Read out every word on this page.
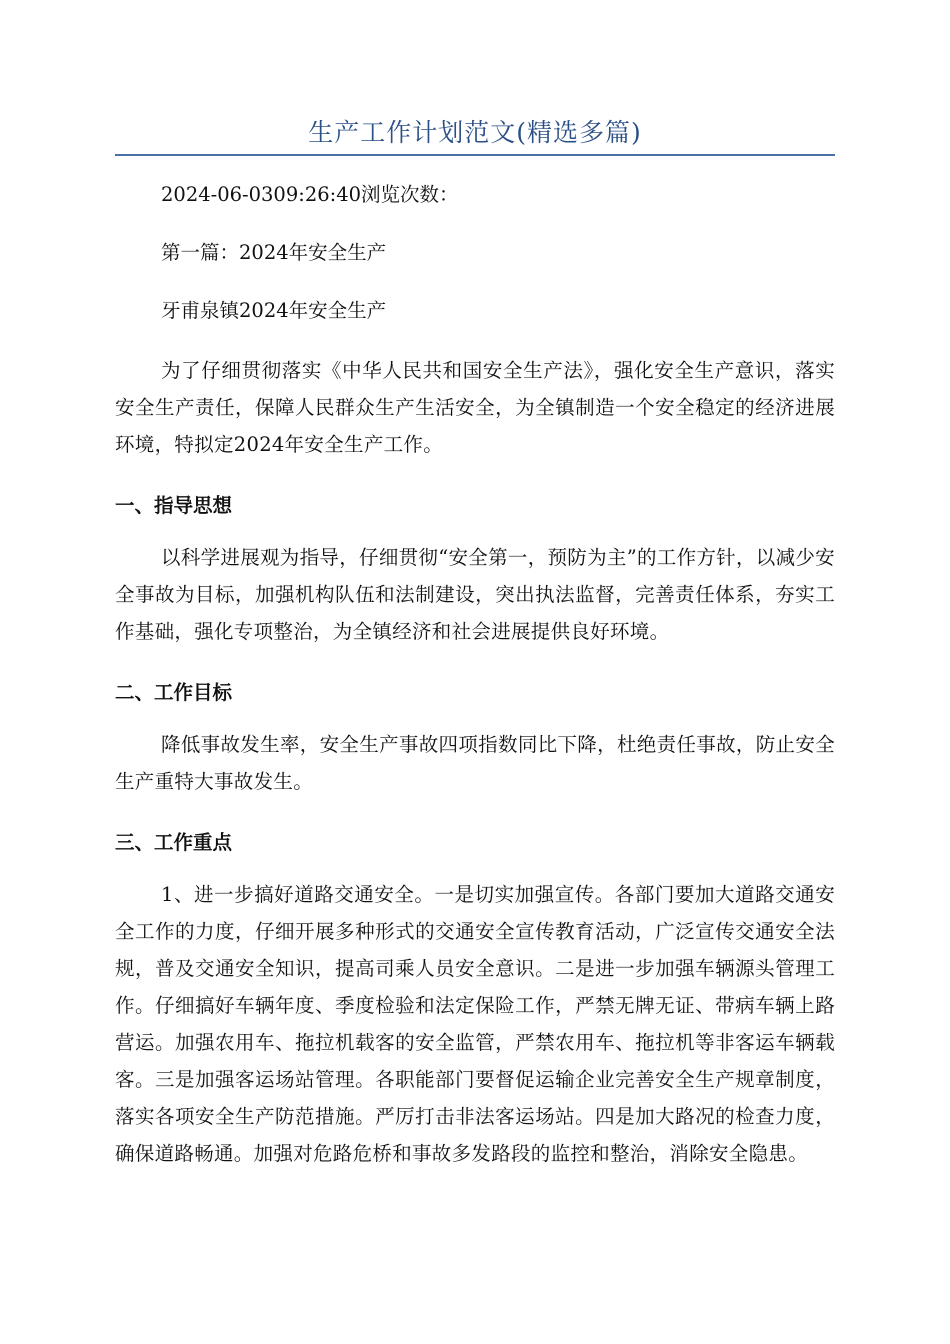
生产工作计划范文(精选多篇)
2024-06-0309:26:40浏览次数：
第一篇：2024年安全生产
牙甫泉镇2024年安全生产
为了仔细贯彻落实《中华人民共和国安全生产法》，强化安全生产意识，落实安全生产责任，保障人民群众生产生活安全，为全镇制造一个安全稳定的经济进展环境，特拟定2024年安全生产工作。
一、指导思想
以科学进展观为指导，仔细贯彻“安全第一，预防为主”的工作方针，以减少安全事故为目标，加强机构队伍和法制建设，突出执法监督，完善责任体系，夯实工作基础，强化专项整治，为全镇经济和社会进展提供良好环境。
二、工作目标
降低事故发生率，安全生产事故四项指数同比下降，杜绝责任事故，防止安全生产重特大事故发生。
三、工作重点
1、进一步搞好道路交通安全。一是切实加强宣传。各部门要加大道路交通安全工作的力度，仔细开展多种形式的交通安全宣传教育活动，广泛宣传交通安全法规，普及交通安全知识，提高司乘人员安全意识。二是进一步加强车辆源头管理工作。仔细搞好车辆年度、季度检验和法定保险工作，严禁无牌无证、带病车辆上路营运。加强农用车、拖拉机载客的安全监管，严禁农用车、拖拉机等非客运车辆载客。三是加强客运场站管理。各职能部门要督促运输企业完善安全生产规章制度，落实各项安全生产防范措施。严厉打击非法客运场站。四是加大路况的检查力度，确保道路畅通。加强对危路危桥和事故多发路段的监控和整治，消除安全隐患。
